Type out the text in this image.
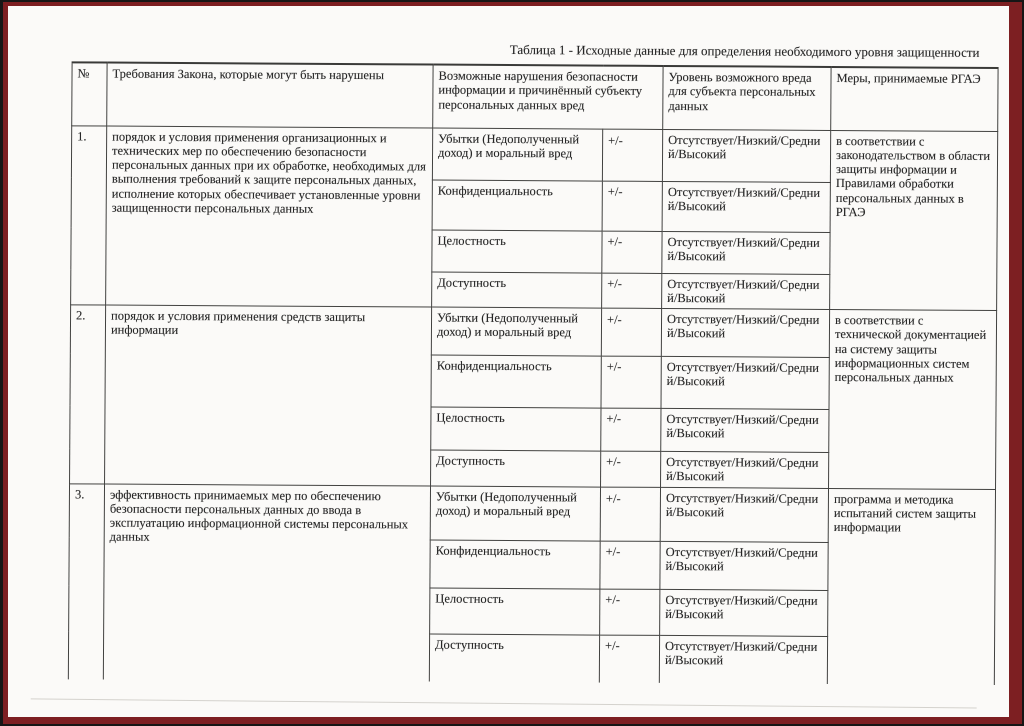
Таблица 1 - Исходные данные для определения необходимого уровня защищенности
№	Требования Закона, которые могут быть нарушены	Возможные нарушения безопасности информации и причинённый субъекту персональных данных вред		Уровень возможного вреда для субъекта персональных данных	Меры, принимаемые РГАЭ
1.	порядок и условия применения организационных и технических мер по обеспечению безопасности персональных данных при их обработке, необходимых для выполнения требований к защите персональных данных, исполнение которых обеспечивает установленные уровни защищенности персональных данных	Убытки (Недополученный доход) и моральный вред	+/-	Отсутствует/Низкий/Средний/Высокий	в соответствии с законодательством в области защиты информации и Правилами обработки персональных данных в РГАЭ
		Конфиденциальность	+/-	Отсутствует/Низкий/Средний/Высокий	
		Целостность	+/-	Отсутствует/Низкий/Средний/Высокий	
		Доступность	+/-	Отсутствует/Низкий/Средний/Высокий	
2.	порядок и условия применения средств защиты информации	Убытки (Недополученный доход) и моральный вред	+/-	Отсутствует/Низкий/Средний/Высокий	в соответствии с технической документацией на систему защиты информационных систем персональных данных
		Конфиденциальность	+/-	Отсутствует/Низкий/Средний/Высокий	
		Целостность	+/-	Отсутствует/Низкий/Средний/Высокий	
		Доступность	+/-	Отсутствует/Низкий/Средний/Высокий	
3.	эффективность принимаемых мер по обеспечению безопасности персональных данных до ввода в эксплуатацию информационной системы персональных данных	Убытки (Недополученный доход) и моральный вред	+/-	Отсутствует/Низкий/Средний/Высокий	программа и методика испытаний систем защиты информации
		Конфиденциальность	+/-	Отсутствует/Низкий/Средний/Высокий	
		Целостность	+/-	Отсутствует/Низкий/Средний/Высокий	
		Доступность	+/-	Отсутствует/Низкий/Средний/Высокий	
